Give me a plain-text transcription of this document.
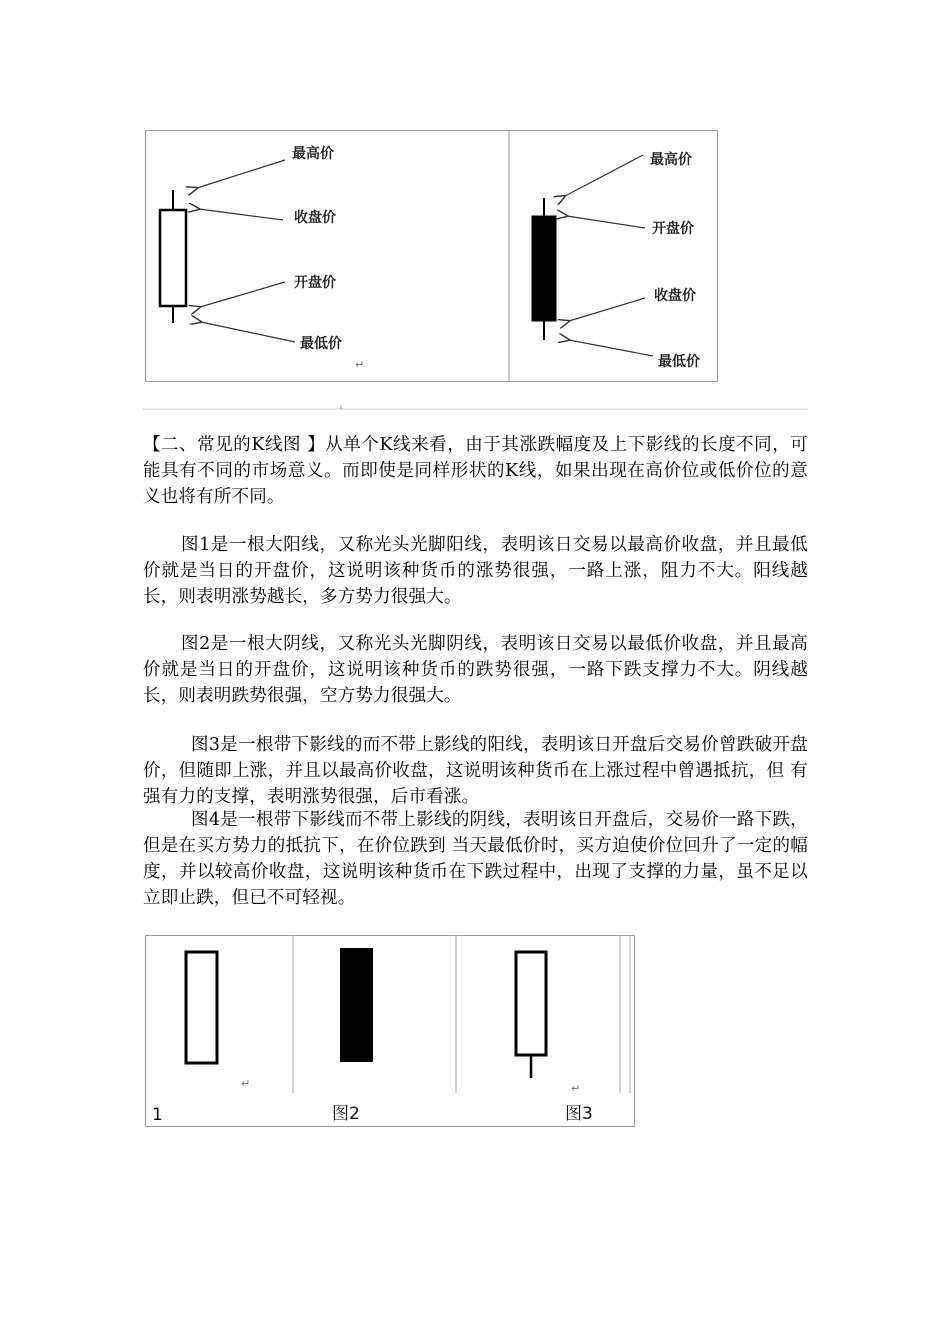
最高价
收盘价
开盘价
最低价
↵
最高价
开盘价
收盘价
最低价

【二、常见的K线图 】从单个K线来看，由于其涨跌幅度及上下影线的长度不同，可能具有不同的市场意义。而即使是同样形状的K线，如果出现在高价位或低价位的意义也将有所不同。

图1是一根大阳线，又称光头光脚阳线，表明该日交易以最高价收盘，并且最低价就是当日的开盘价，这说明该种货币的涨势很强，一路上涨，阻力不大。阳线越长，则表明涨势越长，多方势力很强大。

图2是一根大阴线，又称光头光脚阴线，表明该日交易以最低价收盘，并且最高价就是当日的开盘价，这说明该种货币的跌势很强，一路下跌支撑力不大。阴线越长，则表明跌势很强，空方势力很强大。

图3是一根带下影线的而不带上影线的阳线，表明该日开盘后交易价曾跌破开盘价，但随即上涨，并且以最高价收盘，这说明该种货币在上涨过程中曾遇抵抗，但 有强有力的支撑，表明涨势很强，后市看涨。

图4是一根带下影线而不带上影线的阴线，表明该日开盘后，交易价一路下跌，但是在买方势力的抵抗下，在价位跌到 当天最低价时，买方迫使价位回升了一定的幅度，并以较高价收盘，这说明该种货币在下跌过程中，出现了支撑的力量，虽不足以立即止跌，但已不可轻视。

↵	↵
1	图2	图3
